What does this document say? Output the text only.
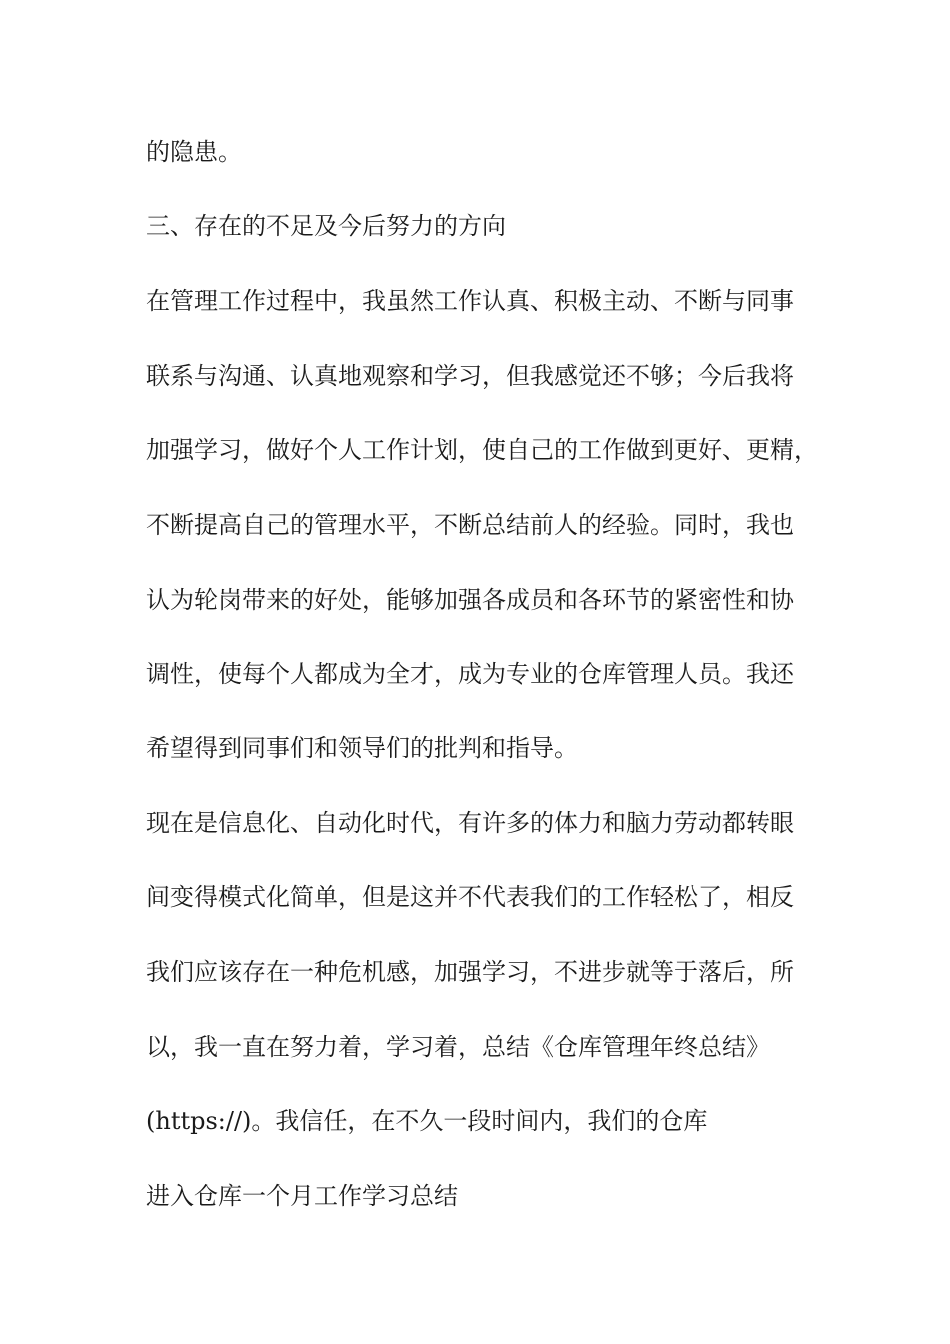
的隐患。
三、存在的不足及今后努力的方向
在管理工作过程中，我虽然工作认真、积极主动、不断与同事
联系与沟通、认真地观察和学习，但我感觉还不够；今后我将
加强学习，做好个人工作计划，使自己的工作做到更好、更精，
不断提高自己的管理水平，不断总结前人的经验。同时，我也
认为轮岗带来的好处，能够加强各成员和各环节的紧密性和协
调性，使每个人都成为全才，成为专业的仓库管理人员。我还
希望得到同事们和领导们的批判和指导。
现在是信息化、自动化时代，有许多的体力和脑力劳动都转眼
间变得模式化简单，但是这并不代表我们的工作轻松了，相反
我们应该存在一种危机感，加强学习，不进步就等于落后，所
以，我一直在努力着，学习着，总结《仓库管理年终总结》
(https://)。我信任，在不久一段时间内，我们的仓库
进入仓库一个月工作学习总结
